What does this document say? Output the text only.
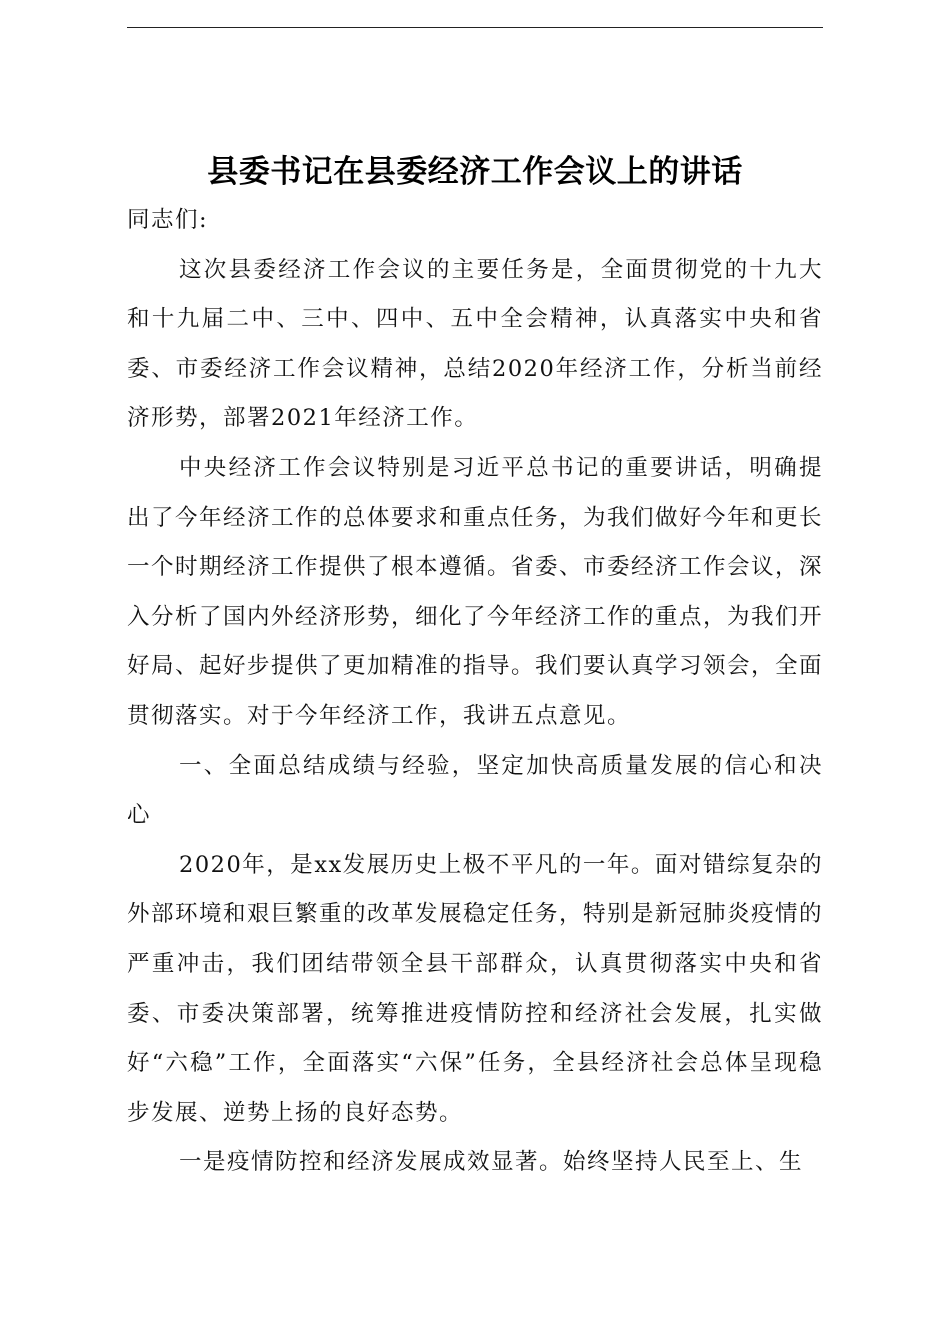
县委书记在县委经济工作会议上的讲话

同志们:

这次县委经济工作会议的主要任务是，全面贯彻党的十九大和十九届二中、三中、四中、五中全会精神，认真落实中央和省委、市委经济工作会议精神，总结2020年经济工作，分析当前经济形势，部署2021年经济工作。

中央经济工作会议特别是习近平总书记的重要讲话，明确提出了今年经济工作的总体要求和重点任务，为我们做好今年和更长一个时期经济工作提供了根本遵循。省委、市委经济工作会议，深入分析了国内外经济形势，细化了今年经济工作的重点，为我们开好局、起好步提供了更加精准的指导。我们要认真学习领会，全面贯彻落实。对于今年经济工作，我讲五点意见。

一、全面总结成绩与经验，坚定加快高质量发展的信心和决心

2020年，是xx发展历史上极不平凡的一年。面对错综复杂的外部环境和艰巨繁重的改革发展稳定任务，特别是新冠肺炎疫情的严重冲击，我们团结带领全县干部群众，认真贯彻落实中央和省委、市委决策部署，统筹推进疫情防控和经济社会发展，扎实做好“六稳”工作，全面落实“六保”任务，全县经济社会总体呈现稳步发展、逆势上扬的良好态势。

一是疫情防控和经济发展成效显著。始终坚持人民至上、生
